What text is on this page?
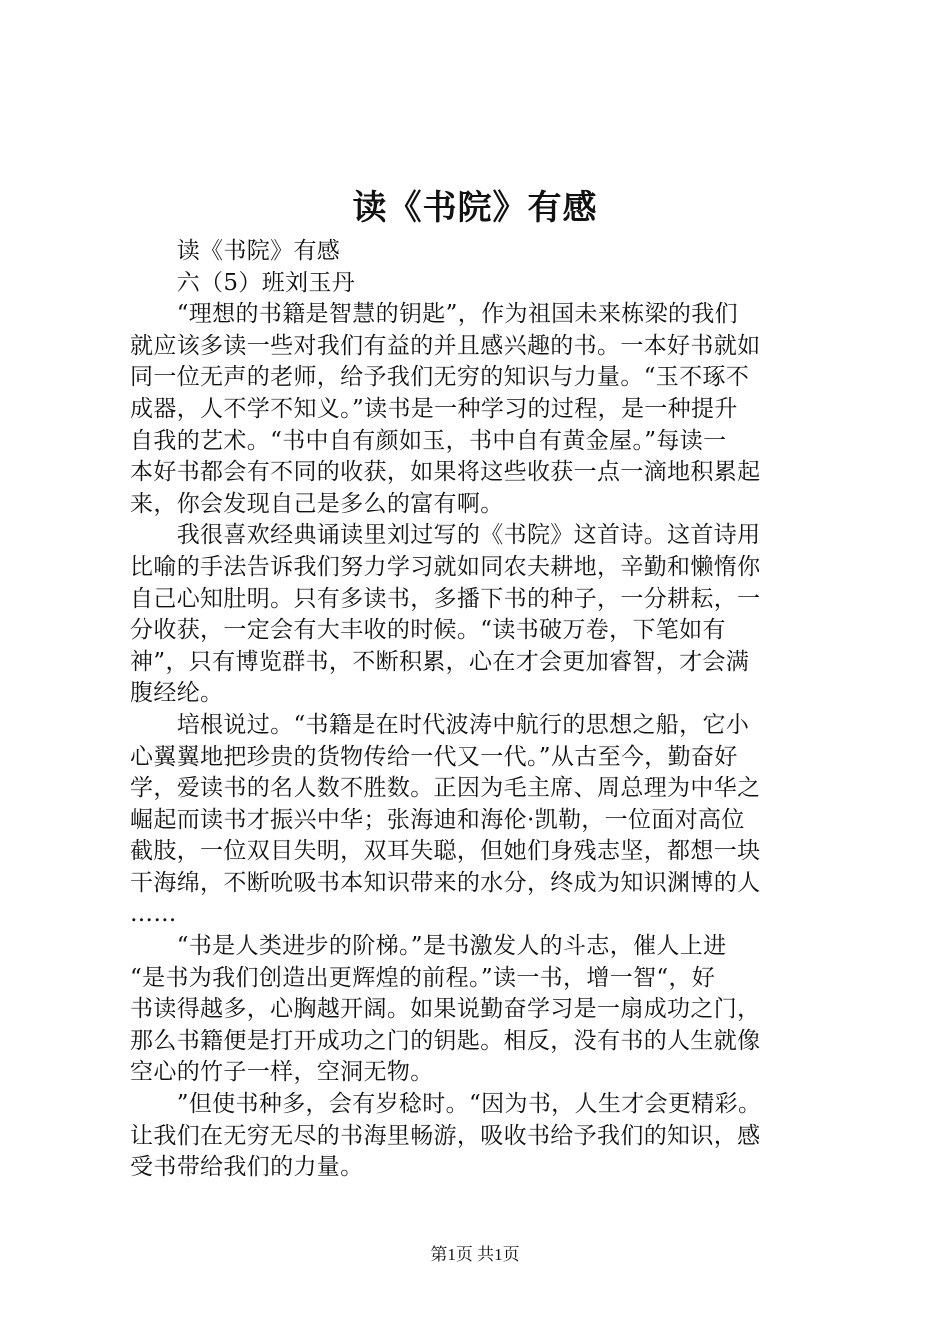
读《书院》有感
　　读《书院》有感
　　六（5）班刘玉丹
　　“理想的书籍是智慧的钥匙”，作为祖国未来栋梁的我们
就应该多读一些对我们有益的并且感兴趣的书。一本好书就如
同一位无声的老师，给予我们无穷的知识与力量。“玉不琢不
成器，人不学不知义。”读书是一种学习的过程，是一种提升
自我的艺术。“书中自有颜如玉，书中自有黄金屋。”每读一
本好书都会有不同的收获，如果将这些收获一点一滴地积累起
来，你会发现自己是多么的富有啊。
　　我很喜欢经典诵读里刘过写的《书院》这首诗。这首诗用
比喻的手法告诉我们努力学习就如同农夫耕地，辛勤和懒惰你
自己心知肚明。只有多读书，多播下书的种子，一分耕耘，一
分收获，一定会有大丰收的时候。“读书破万卷，下笔如有
神”，只有博览群书，不断积累，心在才会更加睿智，才会满
腹经纶。
　　培根说过。“书籍是在时代波涛中航行的思想之船，它小
心翼翼地把珍贵的货物传给一代又一代。”从古至今，勤奋好
学，爱读书的名人数不胜数。正因为毛主席、周总理为中华之
崛起而读书才振兴中华；张海迪和海伦·凯勒，一位面对高位
截肢，一位双目失明，双耳失聪，但她们身残志坚，都想一块
干海绵，不断吮吸书本知识带来的水分，终成为知识渊博的人
……
　　“书是人类进步的阶梯。”是书激发人的斗志，催人上进
“是书为我们创造出更辉煌的前程。”读一书，增一智“，好
书读得越多，心胸越开阔。如果说勤奋学习是一扇成功之门，
那么书籍便是打开成功之门的钥匙。相反，没有书的人生就像
空心的竹子一样，空洞无物。
　　”但使书种多，会有岁稔时。“因为书，人生才会更精彩。
让我们在无穷无尽的书海里畅游，吸收书给予我们的知识，感
受书带给我们的力量。
第1页 共1页
